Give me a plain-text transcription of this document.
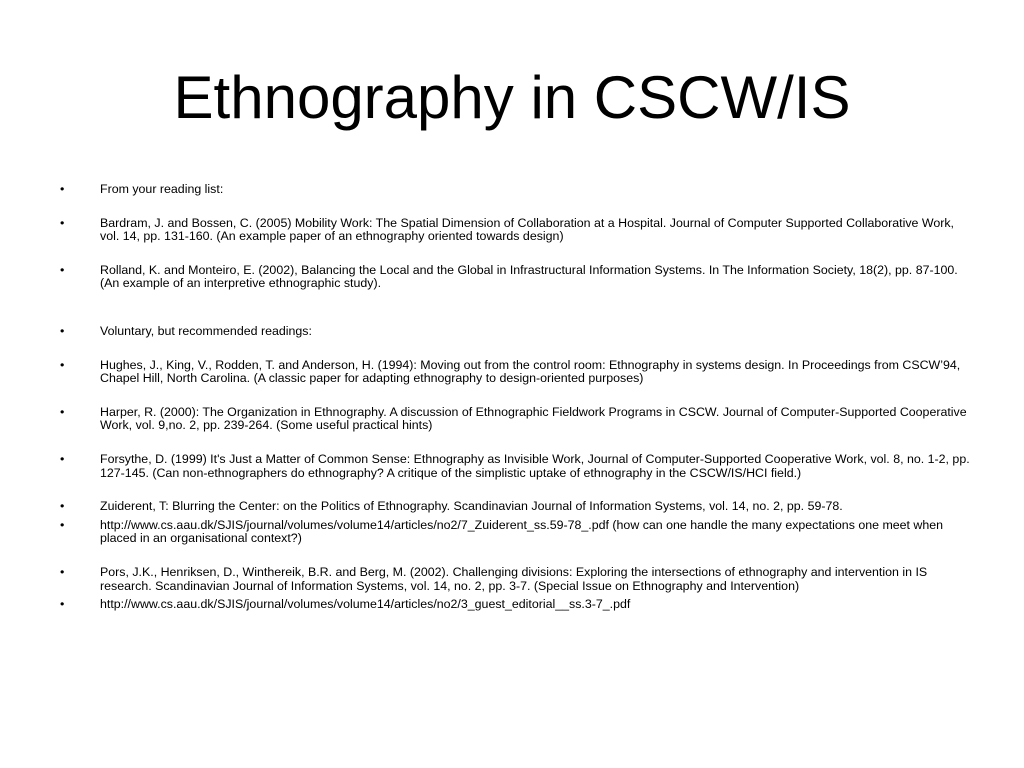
Ethnography in CSCW/IS
•	From your reading list:
•	Bardram, J. and Bossen, C. (2005) Mobility Work: The Spatial Dimension of Collaboration at a Hospital. Journal of Computer Supported Collaborative Work, vol. 14, pp. 131-160. (An example paper of an ethnography oriented towards design)
•	Rolland, K. and Monteiro, E. (2002), Balancing the Local and the Global in Infrastructural Information Systems. In The Information Society, 18(2), pp. 87-100. (An example of an interpretive ethnographic study).
•	Voluntary, but recommended readings:
•	Hughes, J., King, V., Rodden, T. and Anderson, H. (1994): Moving out from the control room: Ethnography in systems design. In Proceedings from CSCW’94, Chapel Hill, North Carolina. (A classic paper for adapting ethnography to design-oriented purposes)
•	Harper, R. (2000): The Organization in Ethnography. A discussion of Ethnographic Fieldwork Programs in CSCW. Journal of Computer-Supported Cooperative Work, vol. 9,no. 2, pp. 239-264. (Some useful practical hints)
•	Forsythe, D. (1999) It's Just a Matter of Common Sense: Ethnography as Invisible Work, Journal of Computer-Supported Cooperative Work, vol. 8, no. 1-2, pp. 127-145. (Can non-ethnographers do ethnography? A critique of the simplistic uptake of ethnography in the CSCW/IS/HCI field.)
•	Zuiderent, T: Blurring the Center: on the Politics of Ethnography. Scandinavian Journal of Information Systems, vol. 14, no. 2, pp. 59-78.
•	http://www.cs.aau.dk/SJIS/journal/volumes/volume14/articles/no2/7_Zuiderent_ss.59-78_.pdf (how can one handle the many expectations one meet when placed in an organisational context?)
•	Pors, J.K., Henriksen, D., Winthereik, B.R. and Berg, M. (2002). Challenging divisions: Exploring the intersections of ethnography and intervention in IS research. Scandinavian Journal of Information Systems, vol. 14, no. 2, pp. 3-7. (Special Issue on Ethnography and Intervention)
•	http://www.cs.aau.dk/SJIS/journal/volumes/volume14/articles/no2/3_guest_editorial__ss.3-7_.pdf
